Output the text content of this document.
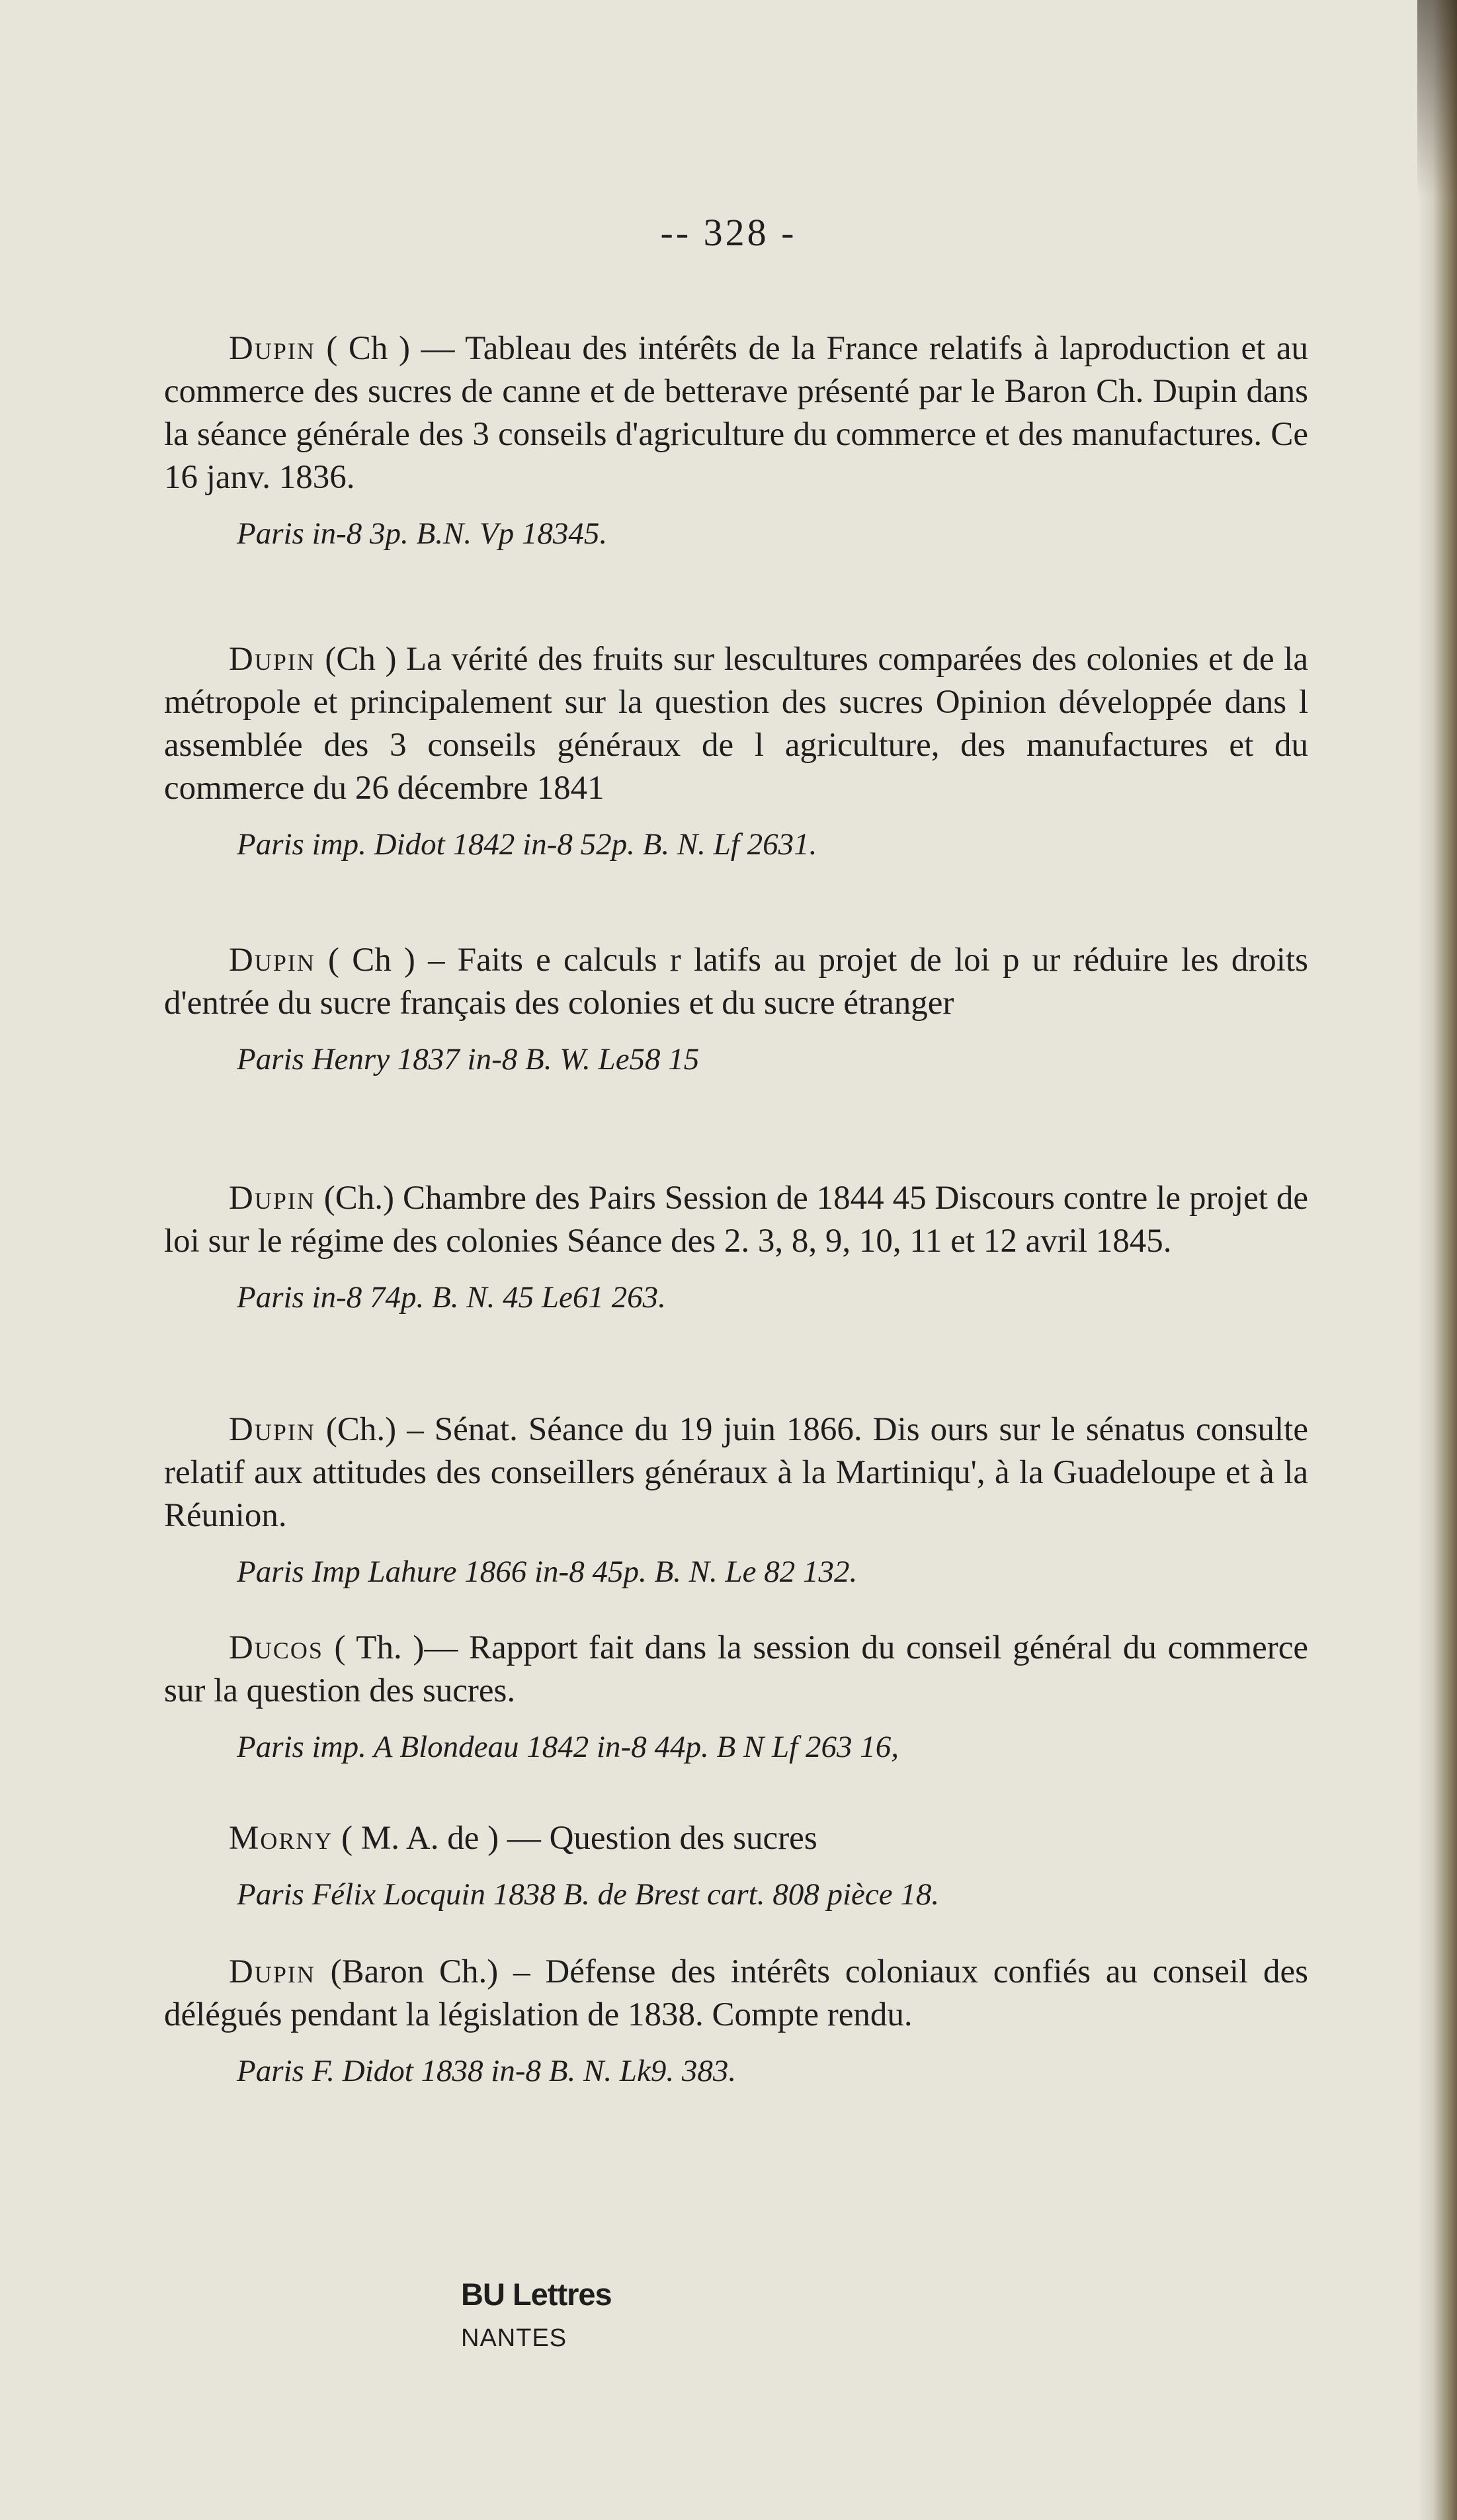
-- 328 -

Dupin ( Ch ) — Tableau des intérêts de la France relatifs à laproduction et au commerce des sucres de canne et de betterave présenté par le Baron Ch. Dupin dans la séance générale des 3 conseils d'agriculture du commerce et des manufactures. Ce 16 janv. 1836.

Paris in-8 3p. B.N. Vp 18345.

Dupin (Ch ) La vérité des fruits sur lescultures comparées des colonies et de la métropole et principalement sur la question des sucres Opinion développée dans l assemblée des 3 conseils généraux de l agriculture, des manufactures et du commerce du 26 décembre 1841

Paris imp. Didot 1842 in-8 52p. B. N. Lf 2631.

Dupin ( Ch ) – Faits e calculs r latifs au projet de loi p ur réduire les droits d'entrée du sucre français des colonies et du sucre étranger

Paris Henry 1837 in-8 B. W. Le58 15

Dupin (Ch.) Chambre des Pairs Session de 1844 45 Discours contre le projet de loi sur le régime des colonies Séance des 2. 3, 8, 9, 10, 11 et 12 avril 1845.

Paris in-8 74p. B. N. 45 Le61 263.

Dupin (Ch.) – Sénat. Séance du 19 juin 1866. Dis ours sur le sénatus consulte relatif aux attitudes des conseillers généraux à la Martiniqu', à la Guadeloupe et à la Réunion.

Paris Imp Lahure 1866 in-8 45p. B. N. Le 82 132.

Ducos ( Th. )— Rapport fait dans la session du conseil général du commerce sur la question des sucres.

Paris imp. A Blondeau 1842 in-8 44p. B N Lf 263 16,

Morny ( M. A. de ) — Question des sucres

Paris Félix Locquin 1838 B. de Brest cart. 808 pièce 18.

Dupin (Baron Ch.) – Défense des intérêts coloniaux confiés au conseil des délégués pendant la législation de 1838. Compte rendu.

Paris F. Didot 1838 in-8 B. N. Lk9. 383.

BU Lettres
NANTES
